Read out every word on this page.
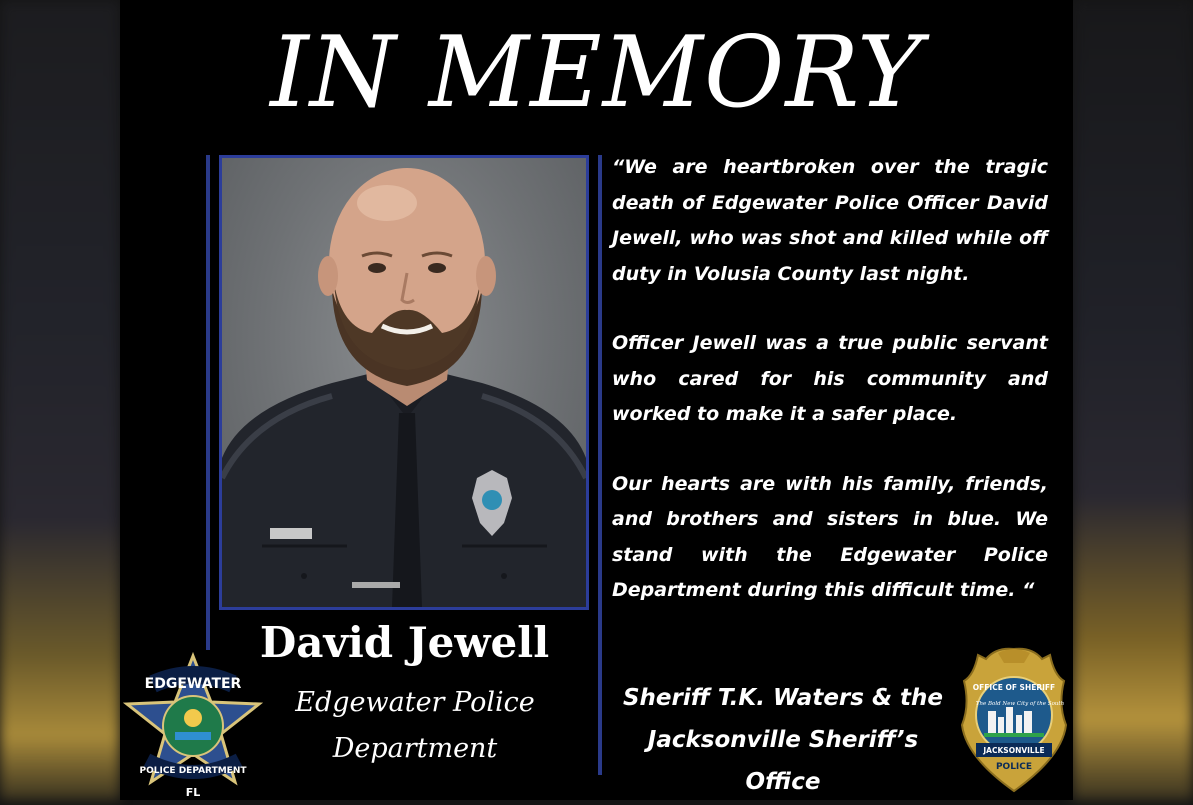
IN MEMORY

“We are heartbroken over the tragic death of Edgewater Police Officer David Jewell, who was shot and killed while off duty in Volusia County last night.

Officer Jewell was a true public servant who cared for his community and worked to make it a safer place.

Our hearts are with his family, friends, and brothers and sisters in blue. We stand with the Edgewater Police Department during this difficult time. “

David Jewell
Edgewater Police
Department
Sheriff T.K. Waters & the
Jacksonville Sheriff’s Office
EDGEWATER
POLICE DEPARTMENT
FL
OFFICE OF SHERIFF
The Bold New City of the South
JACKSONVILLE
POLICE
